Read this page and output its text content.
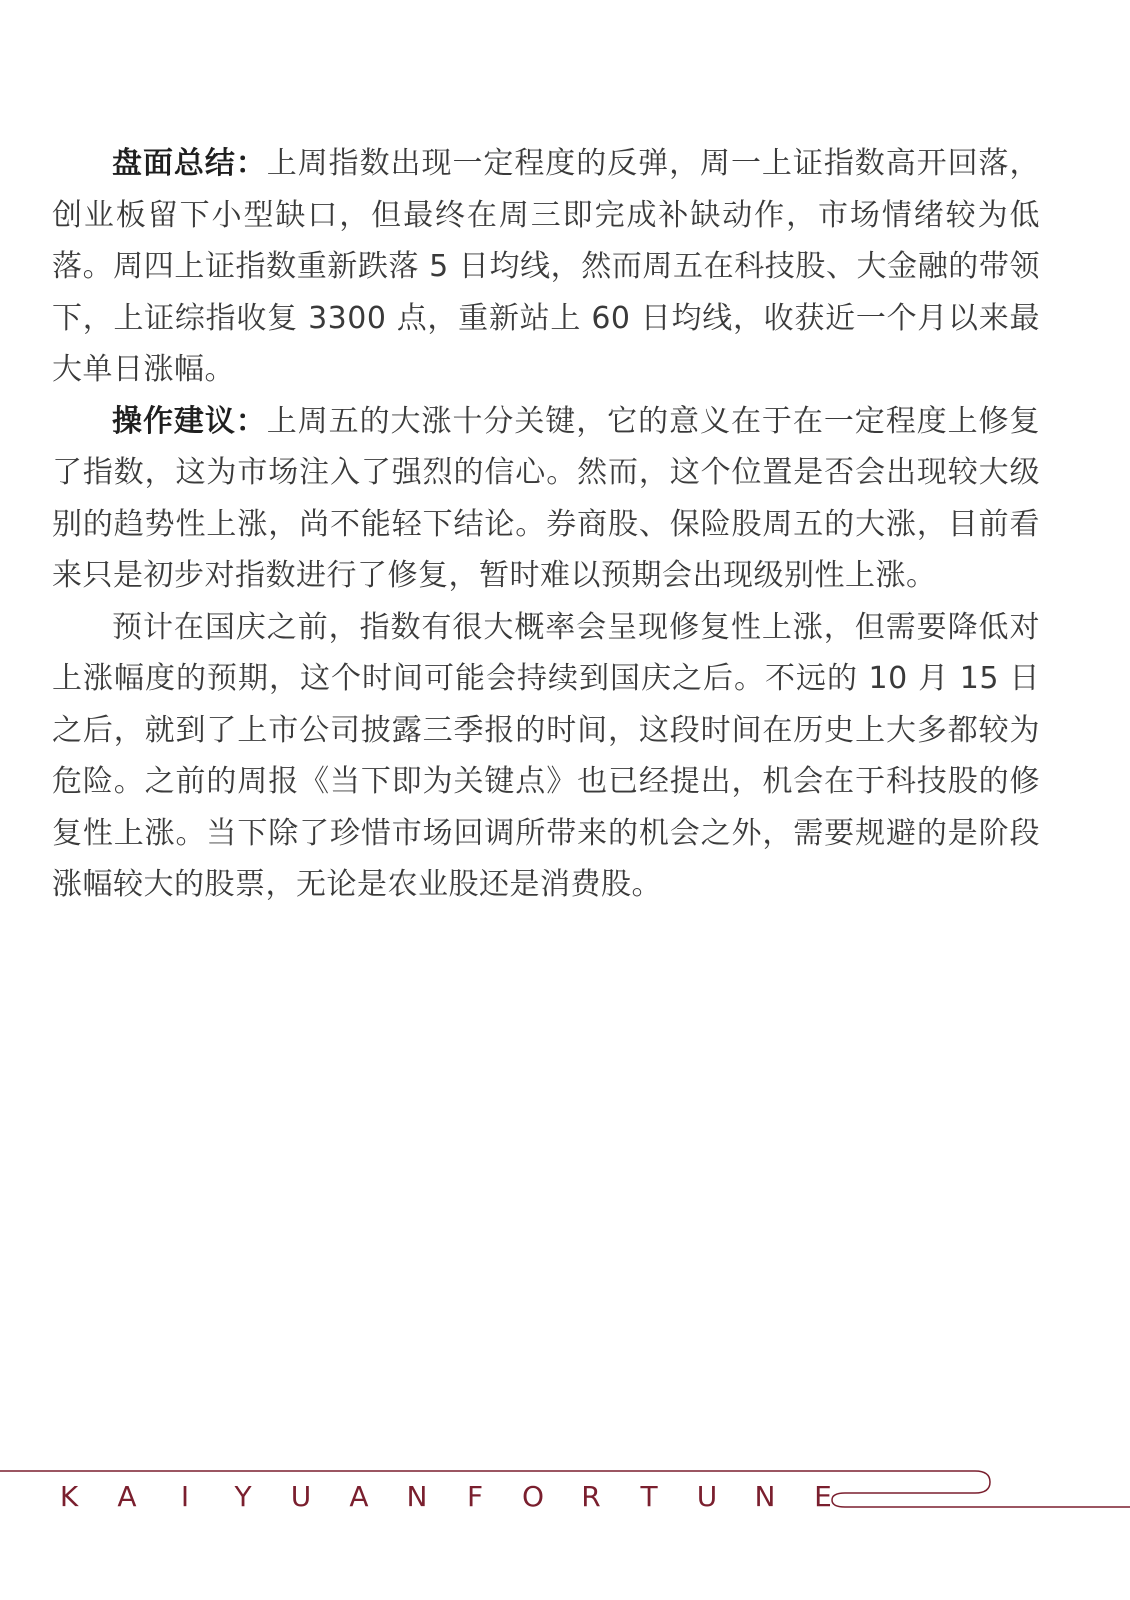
盘面总结：上周指数出现一定程度的反弹，周一上证指数高开回落，创业板留下小型缺口，但最终在周三即完成补缺动作，市场情绪较为低落。周四上证指数重新跌落 5 日均线，然而周五在科技股、大金融的带领下，上证综指收复 3300 点，重新站上 60 日均线，收获近一个月以来最大单日涨幅。

操作建议：上周五的大涨十分关键，它的意义在于在一定程度上修复了指数，这为市场注入了强烈的信心。然而，这个位置是否会出现较大级别的趋势性上涨，尚不能轻下结论。券商股、保险股周五的大涨，目前看来只是初步对指数进行了修复，暂时难以预期会出现级别性上涨。

预计在国庆之前，指数有很大概率会呈现修复性上涨，但需要降低对上涨幅度的预期，这个时间可能会持续到国庆之后。不远的 10 月 15 日之后，就到了上市公司披露三季报的时间，这段时间在历史上大多都较为危险。之前的周报《当下即为关键点》也已经提出，机会在于科技股的修复性上涨。当下除了珍惜市场回调所带来的机会之外，需要规避的是阶段涨幅较大的股票，无论是农业股还是消费股。

K	A	I	Y	U	A	N	F	O	R	T	U	N	E
